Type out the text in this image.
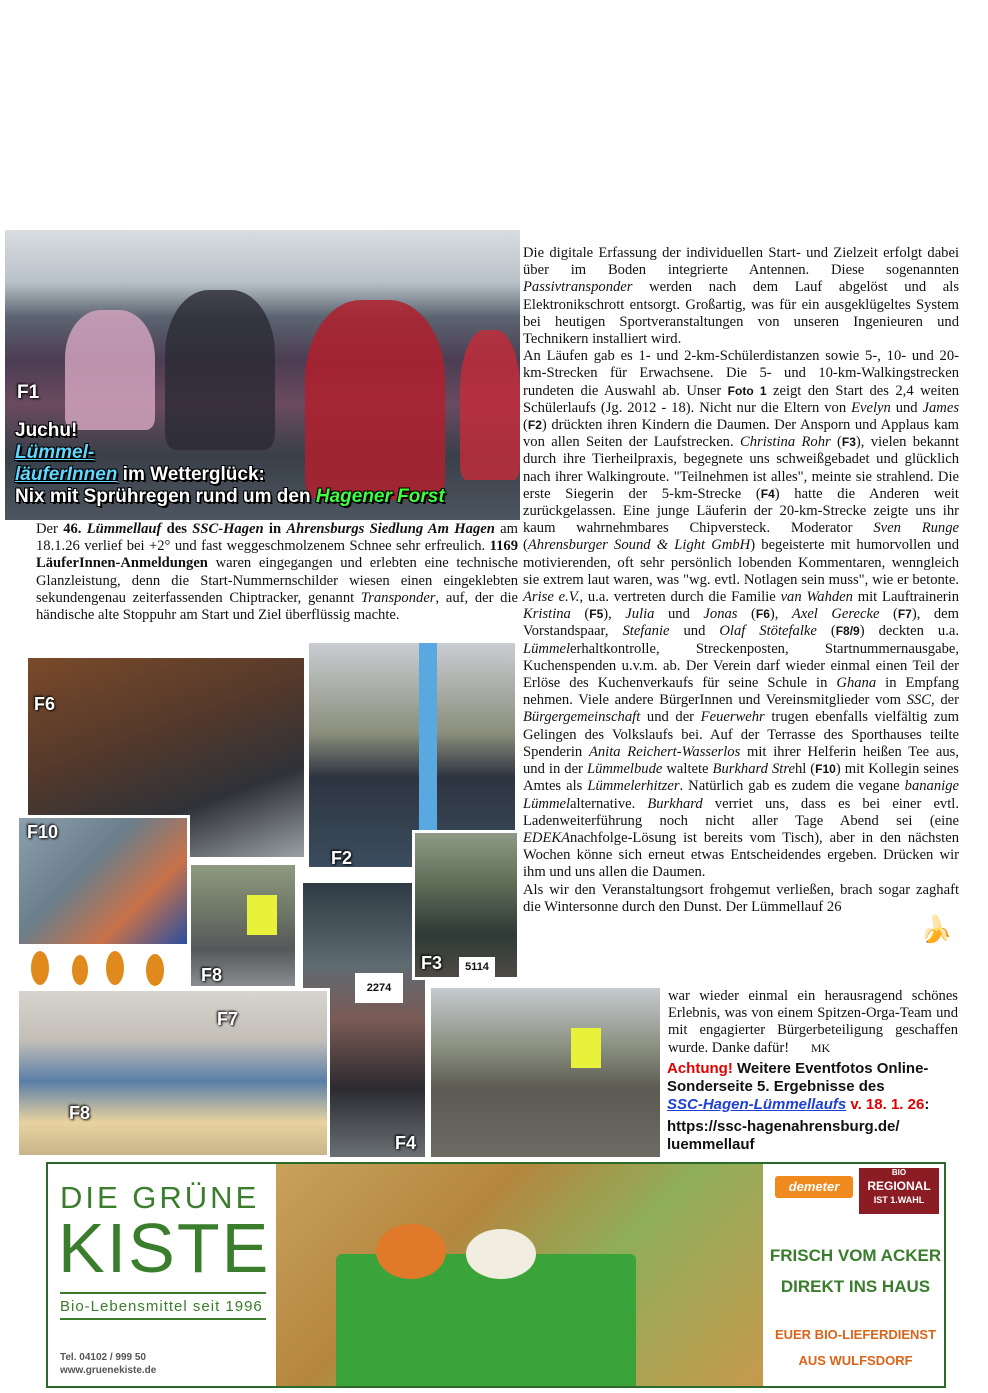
F1
Juchu!
Lümmel-
läuferInnen im Wetterglück:
Nix mit Sprühregen rund um den Hagener Forst

Der 46. Lümmellauf des SSC-Hagen in Ahrensburgs Siedlung Am Hagen am 18.1.26 verlief bei +2° und fast weggeschmolzenem Schnee sehr erfreulich. 1169 LäuferInnen-Anmeldungen waren eingegangen und erlebten eine technische Glanzleistung, denn die Start-Nummernschilder wiesen einen eingeklebten sekundengenau zeiterfassenden Chiptracker, genannt Transponder, auf, der die händische alte Stoppuhr am Start und Ziel überflüssig machte.

F6
F2
F10
F8
2274
F4
5114
F3
F7
F8

Die digitale Erfassung der individuellen Start- und Zielzeit erfolgt dabei über im Boden integrierte Antennen. Diese sogenannten Passivtransponder werden nach dem Lauf abgelöst und als Elektronikschrott entsorgt. Großartig, was für ein ausgeklügeltes System bei heutigen Sportveranstaltungen von unseren Ingenieuren und Technikern installiert wird.

An Läufen gab es 1- und 2-km-Schülerdistanzen sowie 5-, 10- und 20-km-Strecken für Erwachsene. Die 5- und 10-km-Walkingstrecken rundeten die Auswahl ab. Unser Foto 1 zeigt den Start des 2,4 weiten Schülerlaufs (Jg. 2012 - 18). Nicht nur die Eltern von Evelyn und James (F2) drückten ihren Kindern die Daumen. Der Ansporn und Applaus kam von allen Seiten der Laufstrecken. Christina Rohr (F3), vielen bekannt durch ihre Tierheilpraxis, begegnete uns schweißgebadet und glücklich nach ihrer Walkingroute. "Teilnehmen ist alles", meinte sie strahlend. Die erste Siegerin der 5-km-Strecke (F4) hatte die Anderen weit zurückgelassen. Eine junge Läuferin der 20-km-Strecke zeigte uns ihr kaum wahrnehmbares Chipversteck. Moderator Sven Runge (Ahrensburger Sound & Light GmbH) begeisterte mit humorvollen und motivierenden, oft sehr persönlich lobenden Kommentaren, wenngleich sie extrem laut waren, was "wg. evtl. Notlagen sein muss", wie er betonte. Arise e.V., u.a. vertreten durch die Familie van Wahden mit Lauftrainerin Kristina (F5), Julia und Jonas (F6), Axel Gerecke (F7), dem Vorstandspaar, Stefanie und Olaf Stötefalke (F8/9) deckten u.a. Lümmelerhaltkontrolle, Streckenposten, Startnummernausgabe, Kuchenspenden u.v.m. ab. Der Verein darf wieder einmal einen Teil der Erlöse des Kuchenverkaufs für seine Schule in Ghana in Empfang nehmen. Viele andere BürgerInnen und Vereinsmitglieder vom SSC, der Bürgergemeinschaft und der Feuerwehr trugen ebenfalls vielfältig zum Gelingen des Volkslaufs bei. Auf der Terrasse des Sporthauses teilte Spenderin Anita Reichert-Wasserlos mit ihrer Helferin heißen Tee aus, und in der Lümmelbude waltete Burkhard Strehl (F10) mit Kollegin seines Amtes als Lümmelerhitzer. Natürlich gab es zudem die vegane bananige Lümmelalternative. Burkhard verriet uns, dass es bei einer evtl. Ladenweiterführung noch nicht aller Tage Abend sei (eine EDEKAnachfolge-Lösung ist bereits vom Tisch), aber in den nächsten Wochen könne sich erneut etwas Entscheidendes ergeben. Drücken wir ihm und uns allen die Daumen.

Als wir den Veranstaltungsort frohgemut verließen, brach sogar zaghaft die Wintersonne durch den Dunst. Der Lümmellauf 26

🍌

war wieder einmal ein herausragend schönes Erlebnis, was von einem Spitzen-Orga-Team und mit engagierter Bürgerbeteiligung geschaffen wurde. Danke dafür! MK

Achtung! Weitere Eventfotos Online-
Sonderseite 5. Ergebnisse des
SSC-Hagen-Lümmellaufs v. 18. 1. 26:
https://ssc-hagenahrensburg.de/
luemmellauf
DIE GRÜNE
KISTE
Bio-Lebensmittel seit 1996
Tel. 04102 / 999 50
www.gruenekiste.de
demeter
BIO
REGIONAL
IST 1.WAHL
FRISCH VOM ACKER
DIREKT INS HAUS
EUER BIO-LIEFERDIENST
AUS WULFSDORF
